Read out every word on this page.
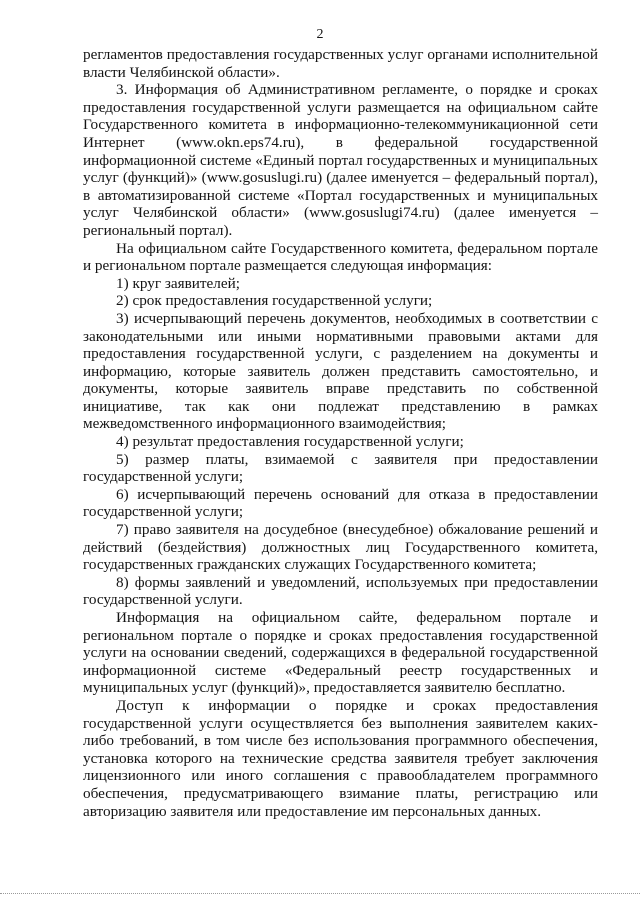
2

регламентов предоставления государственных услуг органами исполнительной власти Челябинской области».

3. Информация об Административном регламенте, о порядке и сроках предоставления государственной услуги размещается на официальном сайте Государственного комитета в информационно-телекоммуникационной сети Интернет (www.okn.eps74.ru), в федеральной государственной информационной системе «Единый портал государственных и муниципальных услуг (функций)» (www.gosuslugi.ru) (далее именуется – федеральный портал), в автоматизированной системе «Портал государственных и муниципальных услуг Челябинской области» (www.gosuslugi74.ru) (далее именуется – региональный портал).

На официальном сайте Государственного комитета, федеральном портале и региональном портале размещается следующая информация:

1) круг заявителей;

2) срок предоставления государственной услуги;

3) исчерпывающий перечень документов, необходимых в соответствии с законодательными или иными нормативными правовыми актами для предоставления государственной услуги, с разделением на документы и информацию, которые заявитель должен представить самостоятельно, и документы, которые заявитель вправе представить по собственной инициативе, так как они подлежат представлению в рамках межведомственного информационного взаимодействия;

4) результат предоставления государственной услуги;

5) размер платы, взимаемой с заявителя при предоставлении государственной услуги;

6) исчерпывающий перечень оснований для отказа в предоставлении государственной услуги;

7) право заявителя на досудебное (внесудебное) обжалование решений и действий (бездействия) должностных лиц Государственного комитета, государственных гражданских служащих Государственного комитета;

8) формы заявлений и уведомлений, используемых при предоставлении государственной услуги.

Информация на официальном сайте, федеральном портале и региональном портале о порядке и сроках предоставления государственной услуги на основании сведений, содержащихся в федеральной государственной информационной системе «Федеральный реестр государственных и муниципальных услуг (функций)», предоставляется заявителю бесплатно.

Доступ к информации о порядке и сроках предоставления государственной услуги осуществляется без выполнения заявителем каких-либо требований, в том числе без использования программного обеспечения, установка которого на технические средства заявителя требует заключения лицензионного или иного соглашения с правообладателем программного обеспечения, предусматривающего взимание платы, регистрацию или авторизацию заявителя или предоставление им персональных данных.
